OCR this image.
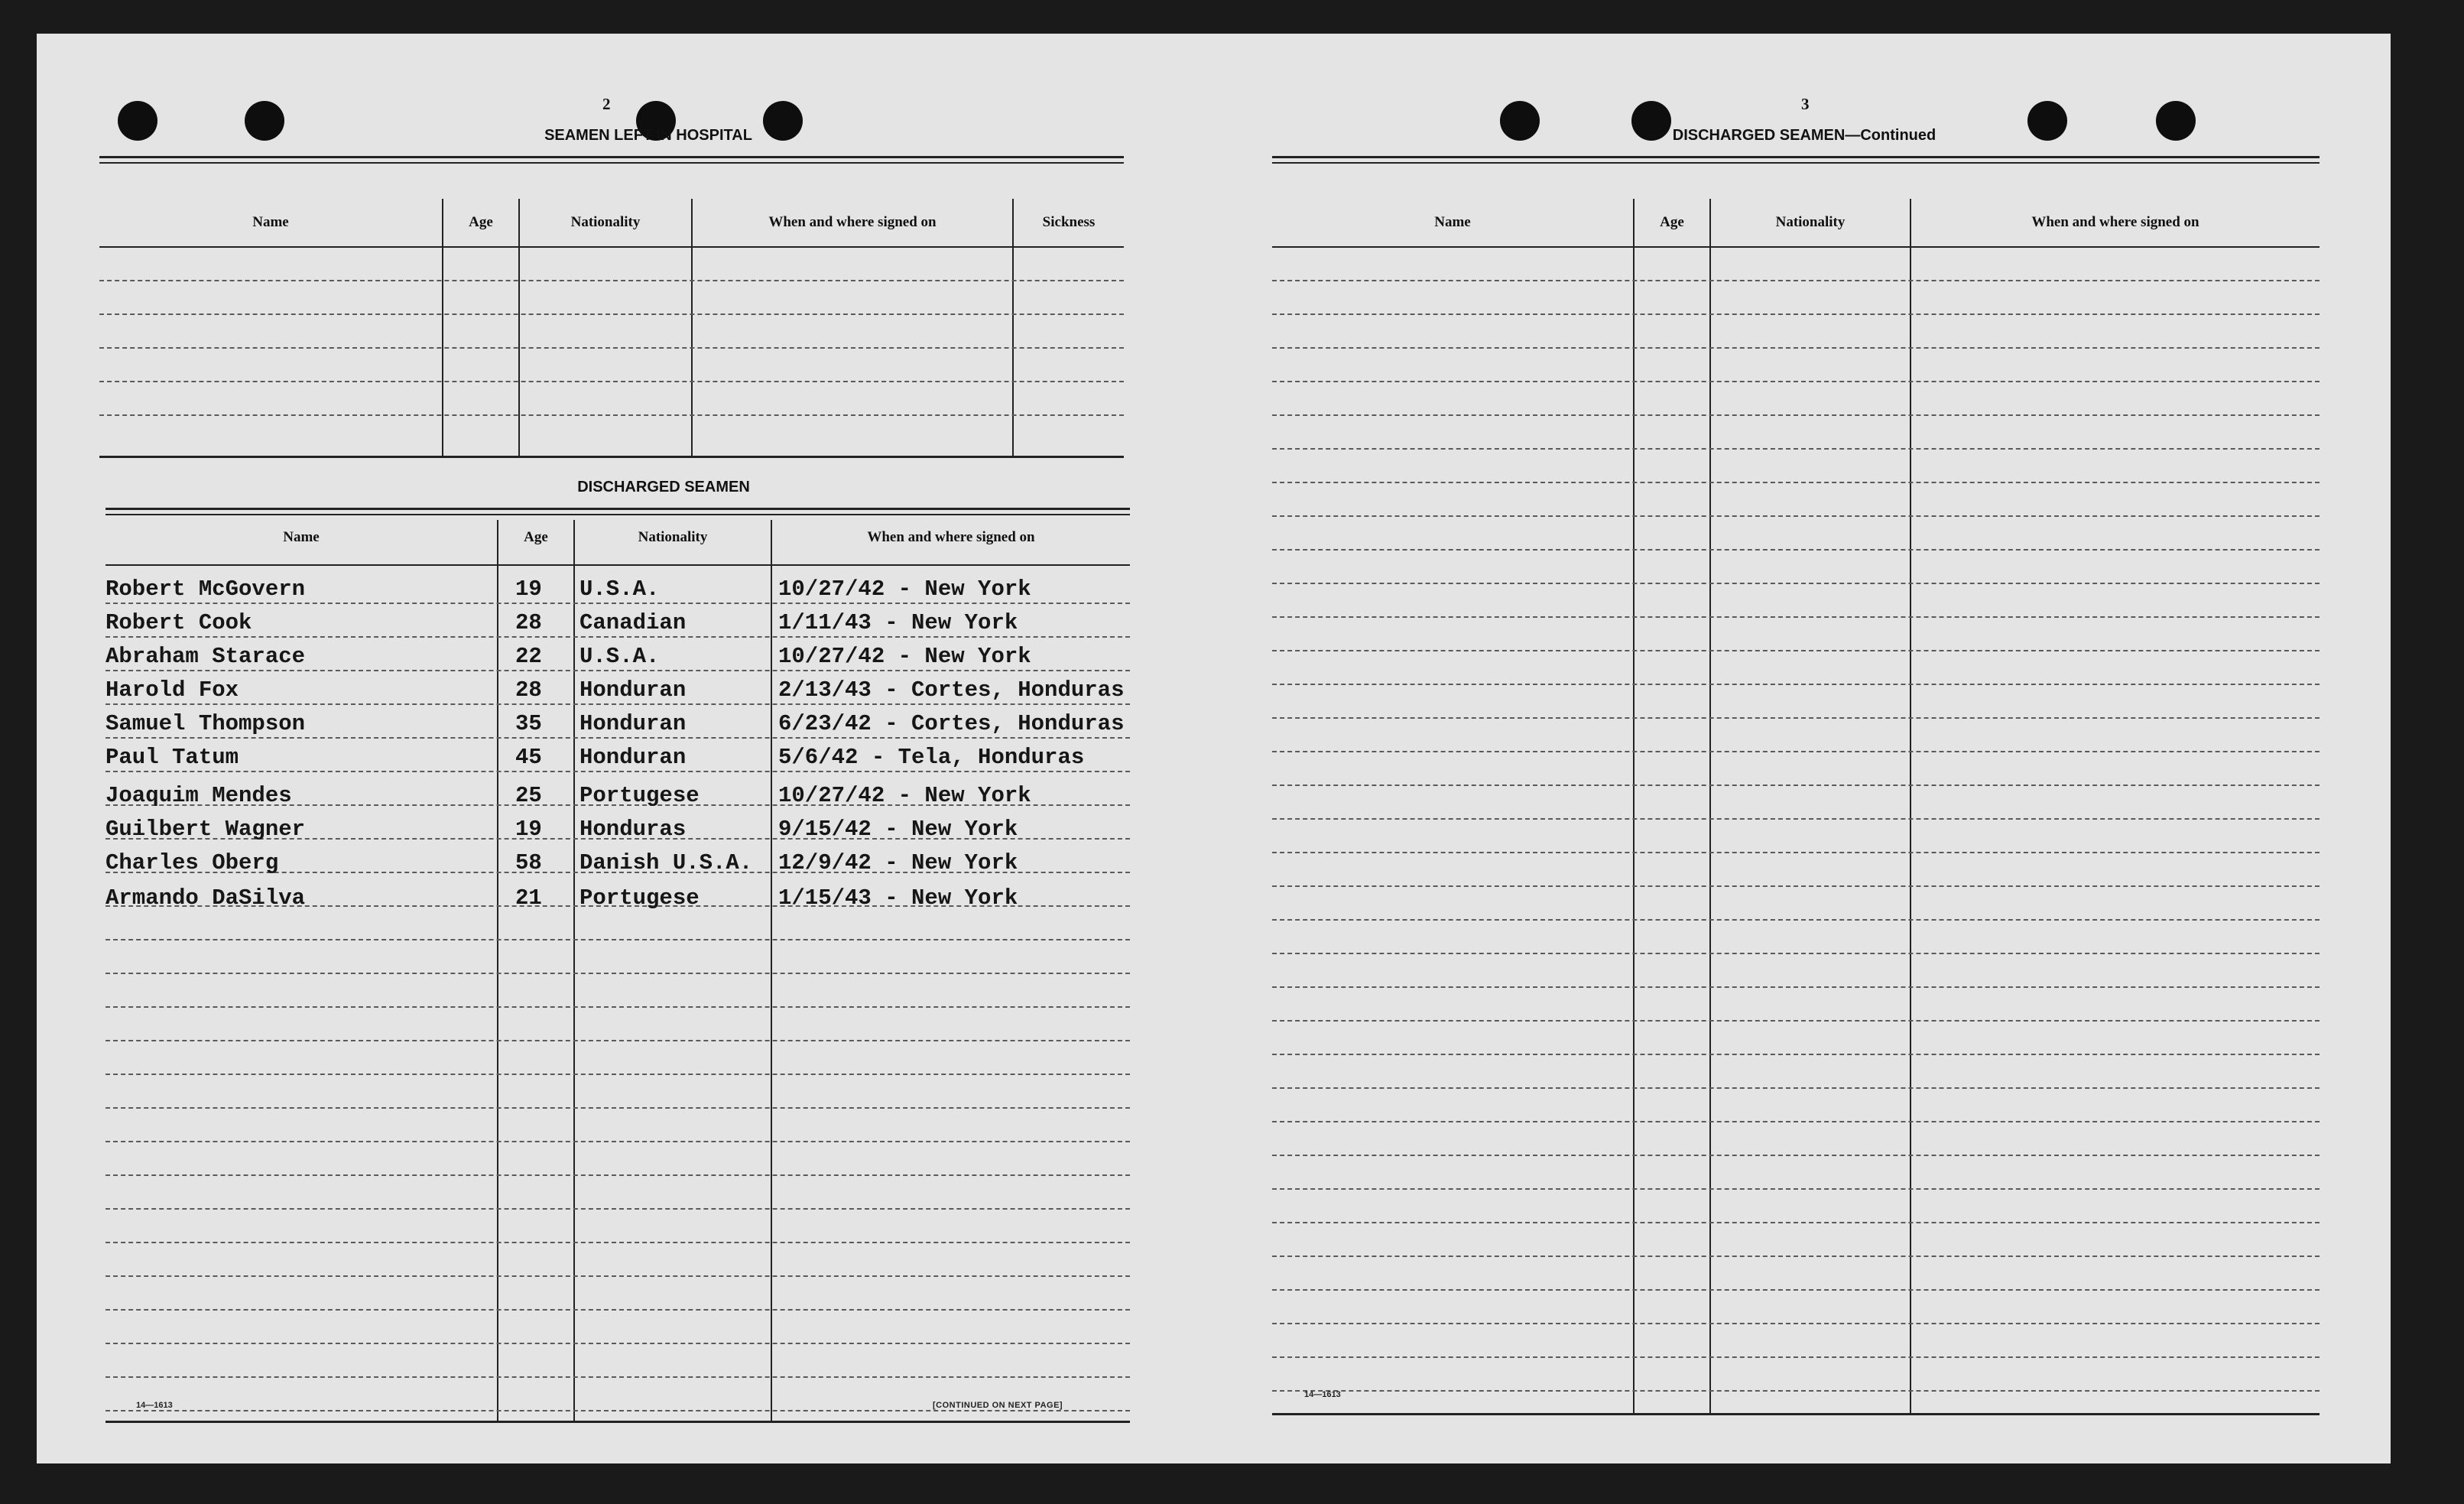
2
SEAMEN LEFT IN HOSPITAL
Name	Age	Nationality	When and where signed on	Sickness
DISCHARGED SEAMEN
Name	Age	Nationality	When and where signed on
Robert McGovern	19 U.S.A.	10/27/42 - New York
Robert Cook	28 Canadian	1/11/43 - New York
Abraham Starace	22 U.S.A.	10/27/42 - New York
Harold Fox	28 Honduran	2/13/43 - Cortes, Honduras
Samuel Thompson	35 Honduran	6/23/42 - Cortes, Honduras
Paul Tatum	45 Honduran	5/6/42 - Tela, Honduras
Joaquim Mendes	25 Portugese	10/27/42 - New York
Guilbert Wagner	19 Honduras	9/15/42 - New York
Charles Oberg	58 Danish U.S.A. 12/9/42 - New York
Armando DaSilva	21 Portugese	1/15/43 - New York
14—1613	[CONTINUED ON NEXT PAGE]
3
DISCHARGED SEAMEN—Continued
Name	Age	Nationality	When and where signed on
14—1613
